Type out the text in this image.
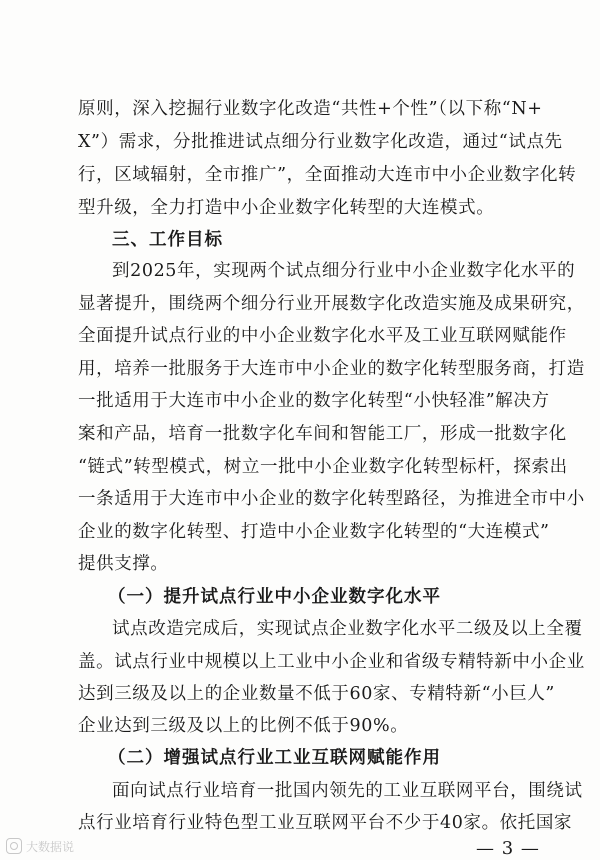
原则，深入挖掘行业数字化改造“共性+个性”（以下称“N+
X”）需求，分批推进试点细分行业数字化改造，通过“试点先
行，区域辐射，全市推广”，全面推动大连市中小企业数字化转
型升级，全力打造中小企业数字化转型的大连模式。
三、工作目标
到2025年，实现两个试点细分行业中小企业数字化水平的
显著提升，围绕两个细分行业开展数字化改造实施及成果研究，
全面提升试点行业的中小企业数字化水平及工业互联网赋能作
用，培养一批服务于大连市中小企业的数字化转型服务商，打造
一批适用于大连市中小企业的数字化转型“小快轻准”解决方
案和产品，培育一批数字化车间和智能工厂，形成一批数字化
“链式”转型模式，树立一批中小企业数字化转型标杆，探索出
一条适用于大连市中小企业的数字化转型路径，为推进全市中小
企业的数字化转型、打造中小企业数字化转型的“大连模式”
提供支撑。
（一）提升试点行业中小企业数字化水平
试点改造完成后，实现试点企业数字化水平二级及以上全覆
盖。试点行业中规模以上工业中小企业和省级专精特新中小企业
达到三级及以上的企业数量不低于60家、专精特新“小巨人”
企业达到三级及以上的比例不低于90%。
（二）增强试点行业工业互联网赋能作用
面向试点行业培育一批国内领先的工业互联网平台，围绕试
点行业培育行业特色型工业互联网平台不少于40家。依托国家
— 3 —
大数据说
